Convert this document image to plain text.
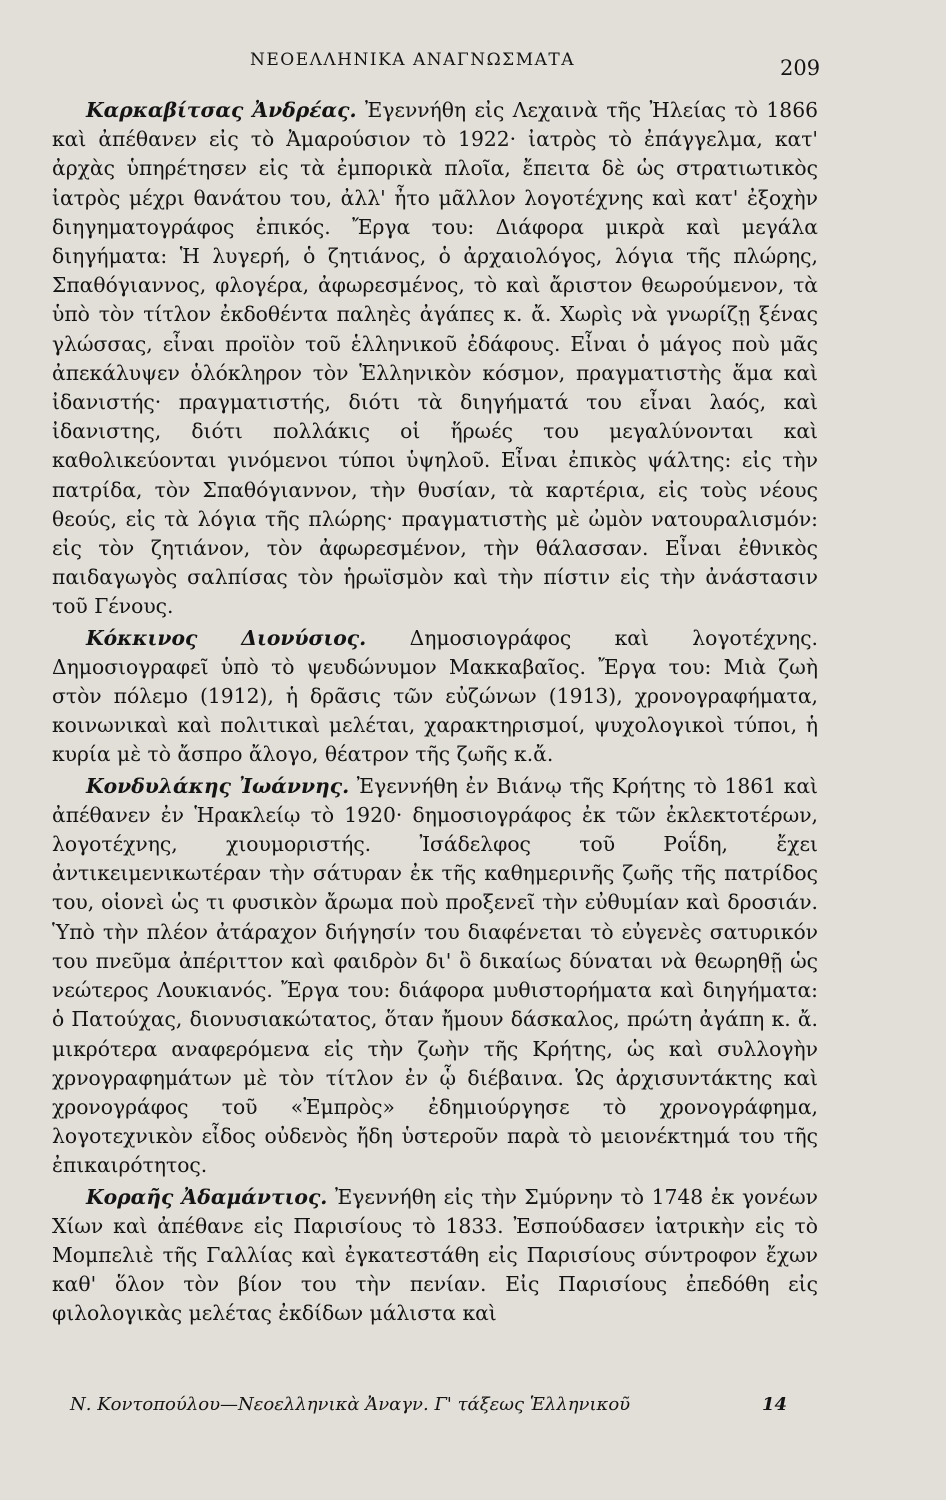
ΝΕΟΕΛΛΗΝΙΚΑ ΑΝΑΓΝΩΣΜΑΤΑ	209

Καρκαβίτσας Ἀνδρέας. Ἐγεννήθη εἰς Λεχαινὰ τῆς Ἠλείας τὸ 1866 καὶ ἀπέθανεν εἰς τὸ Ἀμαρούσιον τὸ 1922· ἰατρὸς τὸ ἐπάγγελμα, κατ' ἀρχὰς ὑπηρέτησεν εἰς τὰ ἐμπορικὰ πλοῖα, ἔπειτα δὲ ὡς στρατιωτικὸς ἰατρὸς μέχρι θανάτου του, ἀλλ' ἦτο μᾶλλον λογοτέχνης καὶ κατ' ἐξοχὴν διηγηματογράφος ἐπικός. Ἔργα του: Διάφορα μικρὰ καὶ μεγάλα διηγήματα: Ἡ λυγερή, ὁ ζητιάνος, ὁ ἀρχαιολόγος, λόγια τῆς πλώρης, Σπαθόγιαννος, φλογέρα, ἀφωρεσμένος, τὸ καὶ ἄριστον θεωρούμενον, τὰ ὑπὸ τὸν τίτλον ἐκδοθέντα παληὲς ἀγάπες κ. ἄ. Χωρὶς νὰ γνωρίζῃ ξένας γλώσσας, εἶναι προϊὸν τοῦ ἑλληνικοῦ ἐδάφους. Εἶναι ὁ μάγος ποὺ μᾶς ἀπεκάλυψεν ὁλόκληρον τὸν Ἑλληνικὸν κόσμον, πραγματιστὴς ἅμα καὶ ἰδανιστής· πραγματιστής, διότι τὰ διηγήματά του εἶναι λαός, καὶ ἰδανιστης, διότι πολλάκις οἱ ἥρωές του μεγαλύνονται καὶ καθολικεύονται γινόμενοι τύποι ὑψηλοῦ. Εἶναι ἐπικὸς ψάλτης: εἰς τὴν πατρίδα, τὸν Σπαθόγιαννον, τὴν θυσίαν, τὰ καρτέρια, εἰς τοὺς νέους θεούς, εἰς τὰ λόγια τῆς πλώρης· πραγματιστὴς μὲ ὠμὸν νατουραλισμόν: εἰς τὸν ζητιάνον, τὸν ἀφωρεσμένον, τὴν θάλασσαν. Εἶναι ἐθνικὸς παιδαγωγὸς σαλπίσας τὸν ἡρωϊσμὸν καὶ τὴν πίστιν εἰς τὴν ἀνάστασιν τοῦ Γένους.

Κόκκινος Διονύσιος. Δημοσιογράφος καὶ λογοτέχνης. Δημοσιογραφεῖ ὑπὸ τὸ ψευδώνυμον Μακκαβαῖος. Ἔργα του: Μιὰ ζωὴ στὸν πόλεμο (1912), ἡ δρᾶσις τῶν εὐζώνων (1913), χρονογραφήματα, κοινωνικαὶ καὶ πολιτικαὶ μελέται, χαρακτηρισμοί, ψυχολογικοὶ τύποι, ἡ κυρία μὲ τὸ ἄσπρο ἄλογο, θέατρον τῆς ζωῆς κ.ἄ.

Κονδυλάκης Ἰωάννης. Ἐγεννήθη ἐν Βιάνῳ τῆς Κρήτης τὸ 1861 καὶ ἀπέθανεν ἐν Ἡρακλείῳ τὸ 1920· δημοσιογράφος ἐκ τῶν ἐκλεκτοτέρων, λογοτέχνης, χιουμοριστής. Ἰσάδελφος τοῦ Ροΐδη, ἔχει ἀντικειμενικωτέραν τὴν σάτυραν ἐκ τῆς καθημερινῆς ζωῆς τῆς πατρίδος του, οἱονεὶ ὡς τι φυσικὸν ἄρωμα ποὺ προξενεῖ τὴν εὐθυμίαν καὶ δροσιάν. Ὑπὸ τὴν πλέον ἀτάραχον διήγησίν του διαφένεται τὸ εὐγενὲς σατυρικόν του πνεῦμα ἀπέριττον καὶ φαιδρὸν δι' ὃ δικαίως δύναται νὰ θεωρηθῇ ὡς νεώτερος Λουκιανός. Ἔργα του: διάφορα μυθιστορήματα καὶ διηγήματα: ὁ Πατούχας, διονυσιακώτατος, ὅταν ἤμουν δάσκαλος, πρώτη ἀγάπη κ. ἄ. μικρότερα αναφερόμενα εἰς τὴν ζωὴν τῆς Κρήτης, ὡς καὶ συλλογὴν χρνογραφημάτων μὲ τὸν τίτλον ἐν ᾧ διέβαινα. Ὡς ἀρχισυντάκτης καὶ χρονογράφος τοῦ «Ἐμπρὸς» ἐδημιούργησε τὸ χρονογράφημα, λογοτεχνικὸν εἶδος οὐδενὸς ἤδη ὑστεροῦν παρὰ τὸ μειονέκτημά του τῆς ἐπικαιρότητος.

Κοραῆς Ἀδαμάντιος. Ἐγεννήθη εἰς τὴν Σμύρνην τὸ 1748 ἐκ γονέων Χίων καὶ ἀπέθανε εἰς Παρισίους τὸ 1833. Ἐσπούδασεν ἰατρικὴν εἰς τὸ Μομπελιὲ τῆς Γαλλίας καὶ ἐγκατεστάθη εἰς Παρισίους σύντροφον ἔχων καθ' ὅλον τὸν βίον του τὴν πενίαν. Εἰς Παρισίους ἐπεδόθη εἰς φιλολογικὰς μελέτας ἐκδίδων μάλιστα καὶ

Ν. Κοντοπούλου—Νεοελληνικὰ Ἀναγν. Γ' τάξεως Ἑλληνικοῦ	14
